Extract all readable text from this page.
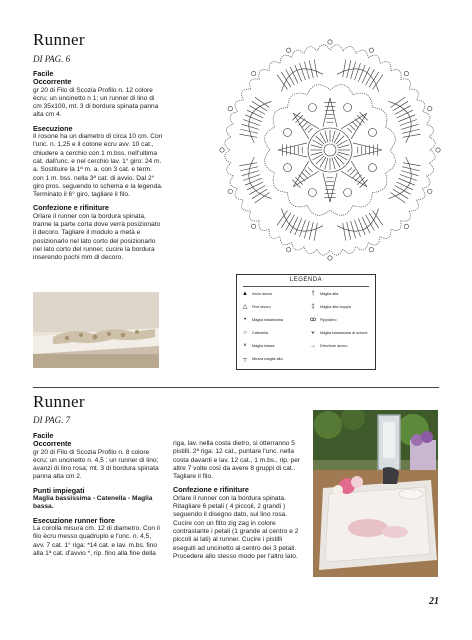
Runner
DI PAG. 6
Facile
Occorrente

gr 20 di Filo di Scozia Profilo n. 12 colore ècru; un uncinetto n 1; un runner di lino di cm 35x100, mt. 3 di bordura spinata panna alta cm 4.

Esecuzione

Il rosone ha un diametro di circa 10 cm. Con l'unc. n. 1,25 e il cotone ècru avv. 10 cat., chiudere a cerchio con 1 m.bss. nell'ultima cat. dall'unc. e nel cerchio lav. 1° giro: 24 m. a. Sostituire la 1ª m. a. con 3 cat. e term. con 1 m. bss. nella 3ª cat. di avvio. Dal 2° giro pros. seguendo lo schema e la legenda. Terminato il 6° giro, tagliare il filo.

Confezione e rifiniture

Orlare il runner con la bordura spinata, tranne la parte corta dove verrà posizionato il decoro. Tagliare il modulo a metà e posizionarlo nel lato corto del posizionarlo nel lato corto del runner, cucire la bordura inserendo pochi mm di decoro.

LEGENDA
▲ Inizio lavoro
△	Fine lavoro
•	Maglia bassissima
○	Catenella
×	Maglia bassa
┬	Mezza maglia alta
†	Maglia alta
‡	Maglia alta doppia
ꝏ Pippiolino
⩛	Maglia bassissima di unione
→ Direzione lavoro
Runner
DI PAG. 7
Facile
Occorrente

gr 20 di Filo di Scozia Profilo n. 8 colore ècru; un uncinetto n. 4,5 ; un runner di lino; avanzi di lino rosa; mt. 3 di bordura spinata panna alta cm 2.

Punti impiegati

Maglia bassissima - Catenella - Maglia bassa.

Esecuzione runner fiore

La corolla misura cm. 12 di diametro. Con il filo ècru messo quadruplo e l'unc. n. 4,5, avv. 7 cat. 1° riga: *14 cat. e lav. m.bs. fino alla 1ª cat. d'avvio *, rip. fino alla fine della

riga, lav. nella costa dietro, si otterranno 5 pistilli. 2ª riga: 12 cat., puntare l'unc. nella costa davanti e lav. 12 cat., 1 m.bs., rip. per altre 7 volte così da avere 8 gruppi di cat.. Tagliare il filo.

Confezione e rifiniture

Orlare il runner con la bordura spinata. Ritagliare 6 petali ( 4 piccoli, 2 grandi ) seguendo il disegno dato, sul lino rosa. Cucire con un fitto zig zag in colore contrastante i petali (1 grande al centro e 2 piccoli ai lati) al runner. Cucire i pistilli eseguiti ad uncinetto al centro dei 3 petali. Procedere allo stesso modo per l'altro lato.

21
